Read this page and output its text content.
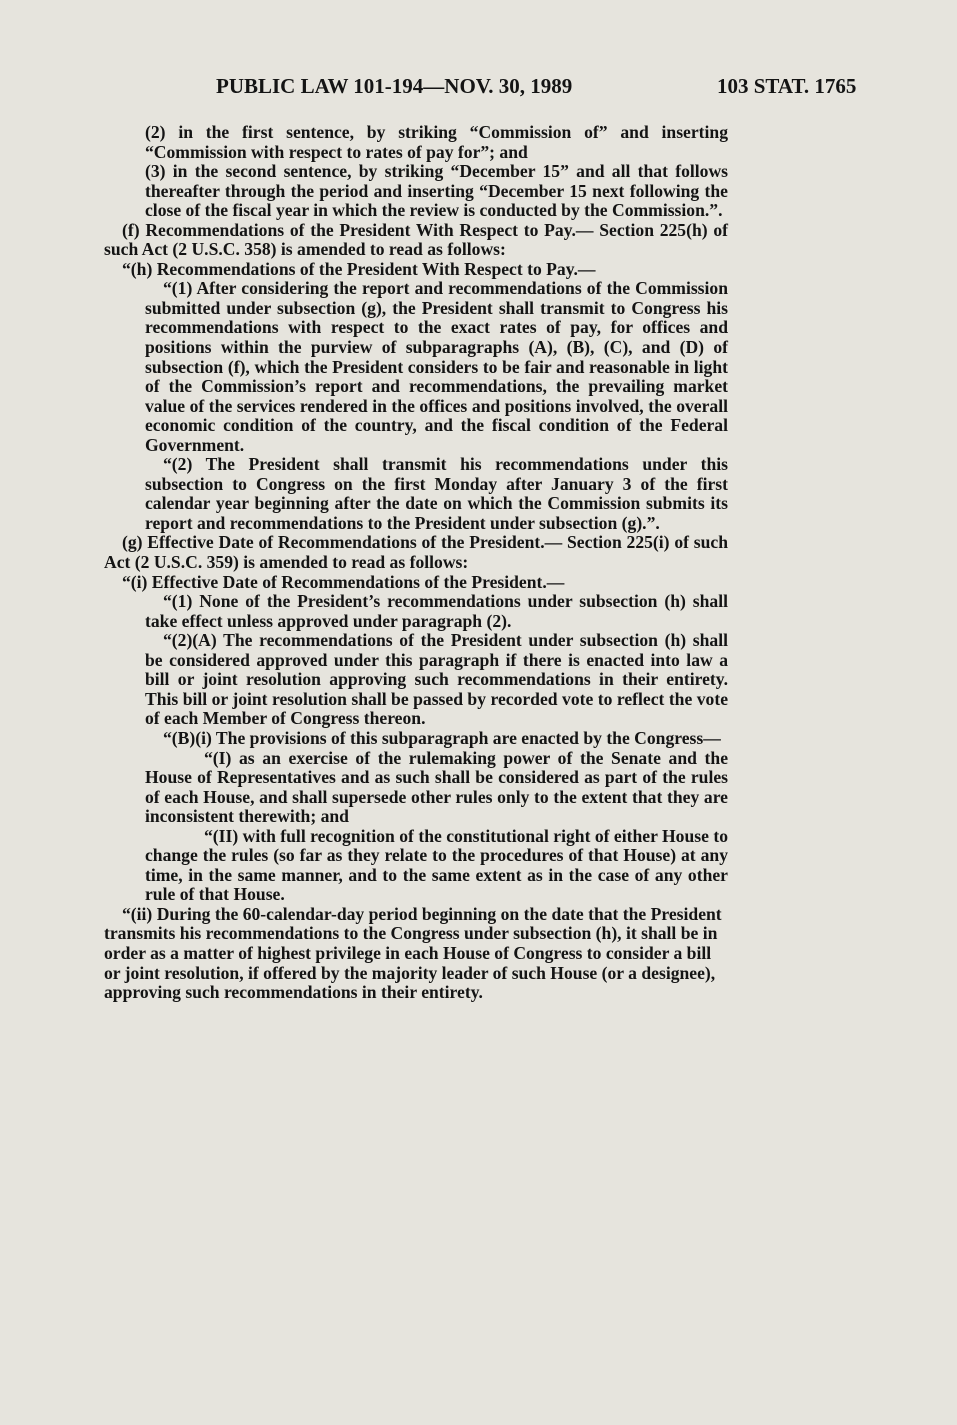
PUBLIC LAW 101-194—NOV. 30, 1989	103 STAT. 1765

(2) in the first sentence, by striking “Commission of” and inserting “Commission with respect to rates of pay for”; and

(3) in the second sentence, by striking “December 15” and all that follows thereafter through the period and inserting “December 15 next following the close of the fiscal year in which the review is conducted by the Commission.”.

(f) Recommendations of the President With Respect to Pay.— Section 225(h) of such Act (2 U.S.C. 358) is amended to read as follows:

“(h) Recommendations of the President With Respect to Pay.—

“(1) After considering the report and recommendations of the Commission submitted under subsection (g), the President shall transmit to Congress his recommendations with respect to the exact rates of pay, for offices and positions within the purview of subparagraphs (A), (B), (C), and (D) of subsection (f), which the President considers to be fair and reasonable in light of the Commission’s report and recommendations, the prevailing market value of the services rendered in the offices and positions involved, the overall economic condition of the country, and the fiscal condition of the Federal Government.

“(2) The President shall transmit his recommendations under this subsection to Congress on the first Monday after January 3 of the first calendar year beginning after the date on which the Commission submits its report and recommendations to the President under subsection (g).”.

(g) Effective Date of Recommendations of the President.— Section 225(i) of such Act (2 U.S.C. 359) is amended to read as follows:

“(i) Effective Date of Recommendations of the President.—

“(1) None of the President’s recommendations under subsection (h) shall take effect unless approved under paragraph (2).

“(2)(A) The recommendations of the President under subsection (h) shall be considered approved under this paragraph if there is enacted into law a bill or joint resolution approving such recommendations in their entirety. This bill or joint resolution shall be passed by recorded vote to reflect the vote of each Member of Congress thereon.

“(B)(i) The provisions of this subparagraph are enacted by the Congress—

“(I) as an exercise of the rulemaking power of the Senate and the House of Representatives and as such shall be considered as part of the rules of each House, and shall supersede other rules only to the extent that they are inconsistent therewith; and

“(II) with full recognition of the constitutional right of either House to change the rules (so far as they relate to the procedures of that House) at any time, in the same manner, and to the same extent as in the case of any other rule of that House.

“(ii) During the 60-calendar-day period beginning on the date that the President transmits his recommendations to the Congress under subsection (h), it shall be in order as a matter of highest privilege in each House of Congress to consider a bill or joint resolution, if offered by the majority leader of such House (or a designee), approving such recommendations in their entirety.
